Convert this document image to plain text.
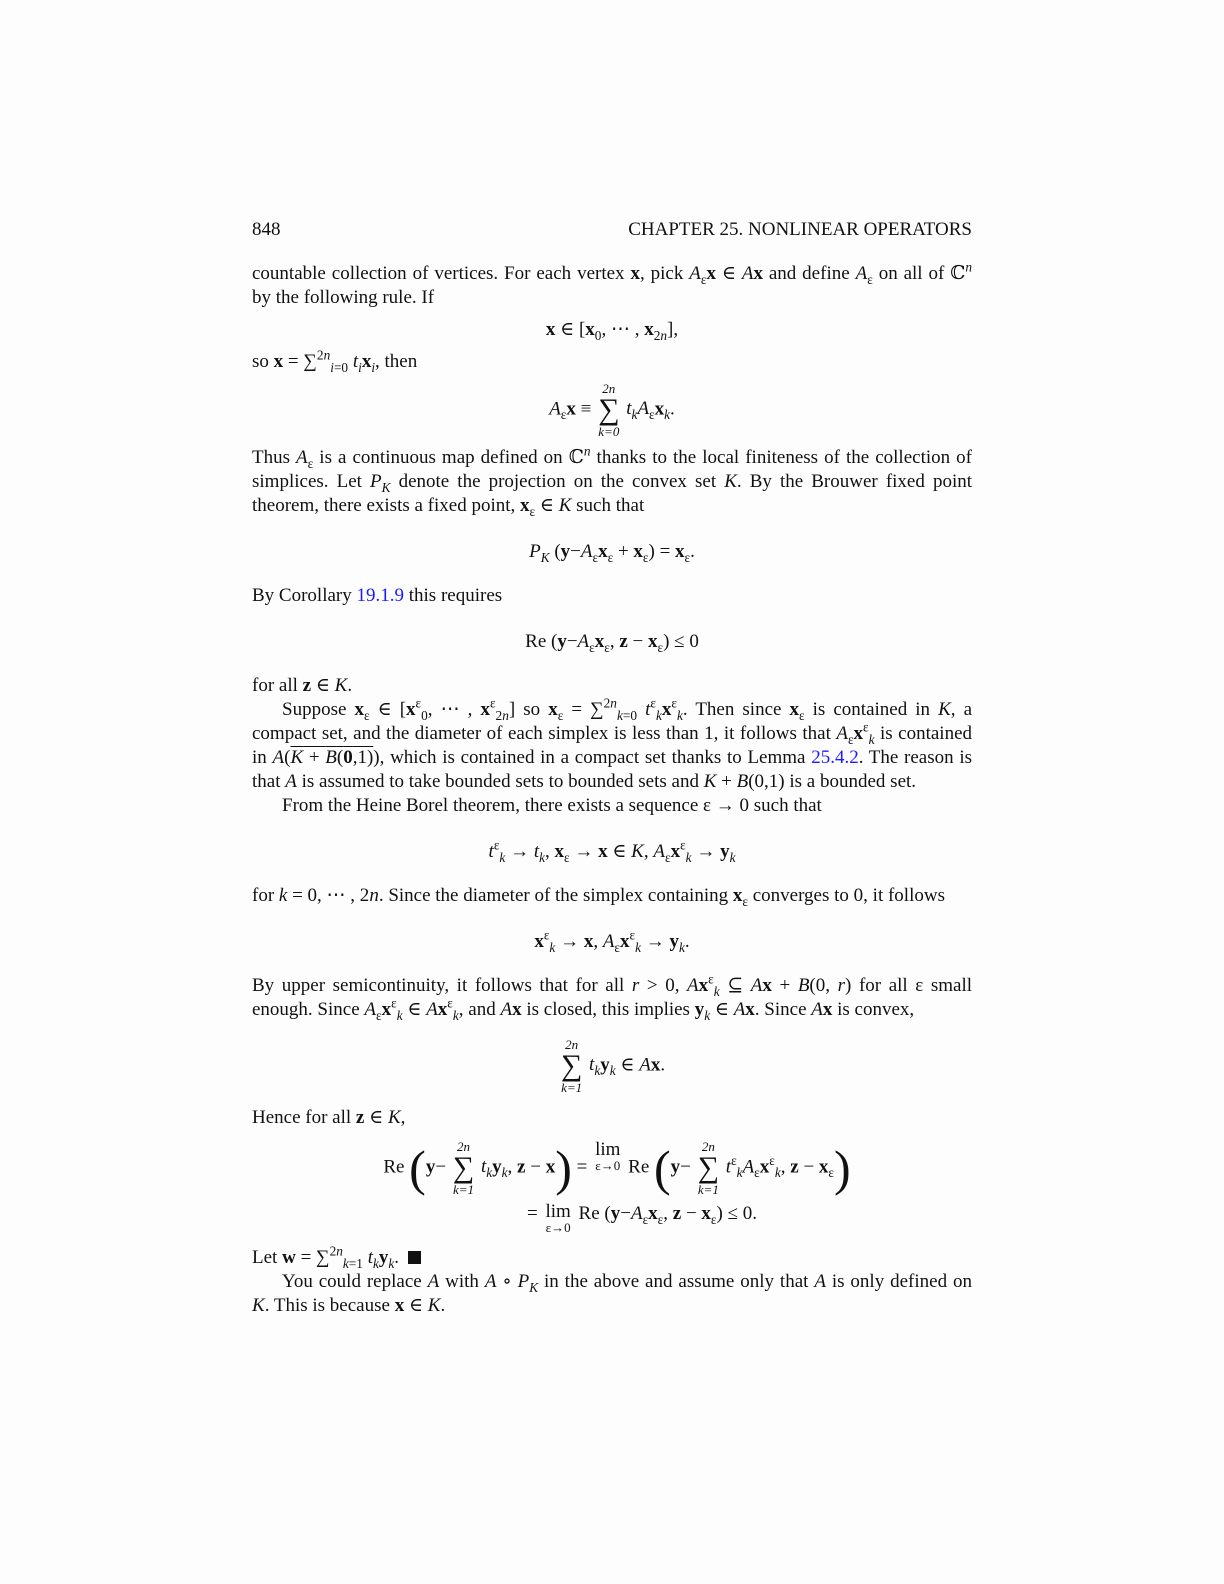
848	CHAPTER 25. NONLINEAR OPERATORS

countable collection of vertices. For each vertex x, pick $A_\varepsilon x$ ∈ Ax and define $A_\varepsilon$ on all of ℂ$^n$ by the following rule. If

x ∈ [$x_0$, ⋯ , $x_{2n}$],

so x = ∑$^{2n}_{i=0}$ $t_ix_i$, then

$A_\varepsilon x$ ≡
2n
∑
k=0
$t_kA_\varepsilon x_k$.

Thus $A_\varepsilon$ is a continuous map defined on ℂ$^n$ thanks to the local finiteness of the collection of simplices. Let $P_K$ denote the projection on the convex set K. By the Brouwer fixed point theorem, there exists a fixed point, $x_\varepsilon$ ∈ K such that

$P_K$ $(y-A_\varepsilon x_\varepsilon + x_\varepsilon) = x_\varepsilon$.

By Corollary 19.1.9 this requires

Re ($y-A_\varepsilon x_\varepsilon$, $z - x_\varepsilon) \le 0$

for all z ∈ K.

Suppose $x_\varepsilon$ ∈ [$x^\varepsilon_0$, ⋯ , $x^\varepsilon_{2n}$] so $x_\varepsilon = \sum^{2n}_{k=0}$ $t^\varepsilon_kx^\varepsilon_k$. Then since $x_\varepsilon$ is contained in K, a compact set, and the diameter of each simplex is less than 1, it follows that $A_\varepsilon x^\varepsilon_k$ is contained in A(K + B(0,1)), which is contained in a compact set thanks to Lemma 25.4.2. The reason is that A is assumed to take bounded sets to bounded sets and K + B(0,1) is a bounded set.

From the Heine Borel theorem, there exists a sequence ε → 0 such that

$t^\varepsilon_k \to t_k$, $x_\varepsilon \to x$ ∈ K, $A_\varepsilon x^\varepsilon_k \to y_k$

for k = 0, ⋯ , 2n. Since the diameter of the simplex containing $x_\varepsilon$ converges to 0, it follows

$x^\varepsilon_k \to x$, $A_\varepsilon x^\varepsilon_k \to y_k$.

By upper semicontinuity, it follows that for all r > 0, $Ax^\varepsilon_k$ ⊆ Ax + B(0, r) for all ε small enough. Since $A_\varepsilon x^\varepsilon_k$ ∈ $Ax^\varepsilon_k$, and Ax is closed, this implies $y_k$ ∈ Ax. Since Ax is convex,

2n
∑
k=1
$t_ky_k$ ∈ Ax.

Hence for all z ∈ K,

Re (y−
2n
∑
k=1
$t_ky_k$, z − x) = lim
ε→0 Re (y−
2n
∑
k=1
$t^\varepsilon_kA_\varepsilon x^\varepsilon_k$, $z - x_\varepsilon$)
= lim
ε→0
Re ($y-A_\varepsilon x_\varepsilon$, $z - x_\varepsilon) \le 0$.

Let w = ∑$^{2n}_{k=1}$ $t_ky_k$.

You could replace A with A ∘ $P_K$ in the above and assume only that A is only defined on K. This is because x ∈ K.
